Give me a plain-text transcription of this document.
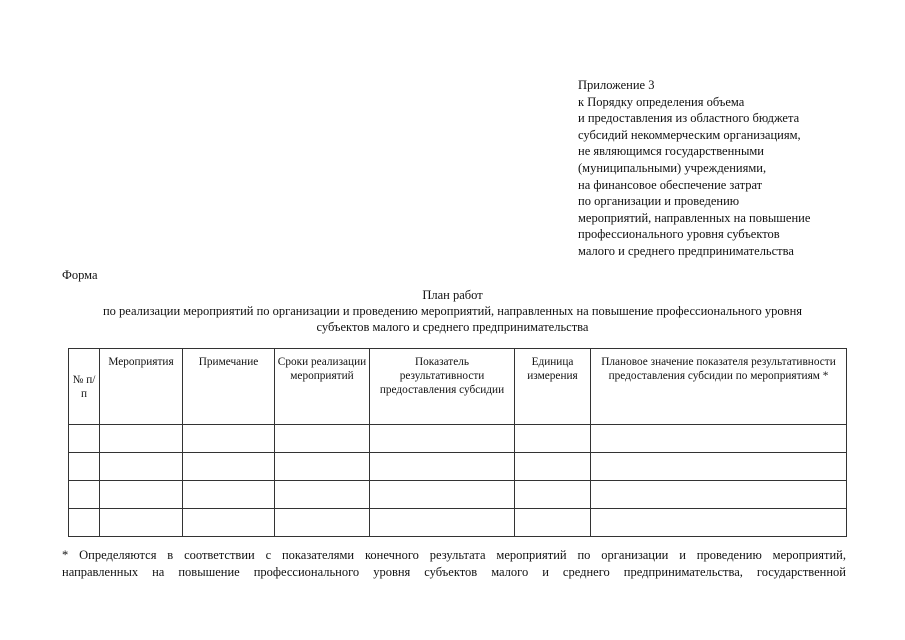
Приложение 3
к Порядку определения объема
и предоставления из областного бюджета
субсидий некоммерческим организациям,
не являющимся государственными
(муниципальными) учреждениями,
на финансовое обеспечение затрат
по организации и проведению
мероприятий, направленных на повышение
профессионального уровня субъектов
малого и среднего предпринимательства
Форма
План работ
по реализации мероприятий по организации и проведению мероприятий, направленных на повышение профессионального уровня
субъектов малого и среднего предпринимательства
№ п/п	Мероприятия	Примечание	Сроки реализации мероприятий	Показатель результативности предоставления субсидии	Единица измерения	Плановое значение показателя результативности предоставления субсидии по мероприятиям *

* Определяются в соответствии с показателями конечного результата мероприятий по организации и проведению мероприятий,
направленных на повышение профессионального уровня субъектов малого и среднего предпринимательства, государственной
